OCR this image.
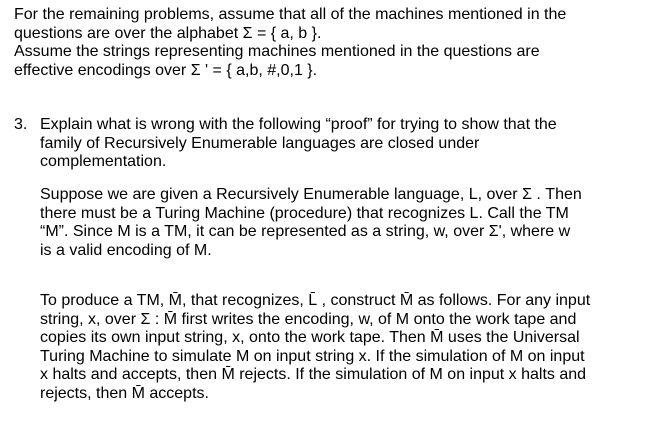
For the remaining problems, assume that all of the machines mentioned in the
questions are over the alphabet Σ = { a, b }.
Assume the strings representing machines mentioned in the questions are
effective encodings over Σ ' = { a,b, #,0,1 }.
3. Explain what is wrong with the following “proof” for trying to show that the
family of Recursively Enumerable languages are closed under
complementation.
Suppose we are given a Recursively Enumerable language, L, over Σ . Then
there must be a Turing Machine (procedure) that recognizes L. Call the TM
“M”. Since M is a TM, it can be represented as a string, w, over Σ', where w
is a valid encoding of M.
To produce a TM, M̄, that recognizes, L̄ , construct M̄ as follows. For any input
string, x, over Σ : M̄ first writes the encoding, w, of M onto the work tape and
copies its own input string, x, onto the work tape. Then M̄ uses the Universal
Turing Machine to simulate M on input string x. If the simulation of M on input
x halts and accepts, then M̄ rejects. If the simulation of M on input x halts and
rejects, then M̄ accepts.
